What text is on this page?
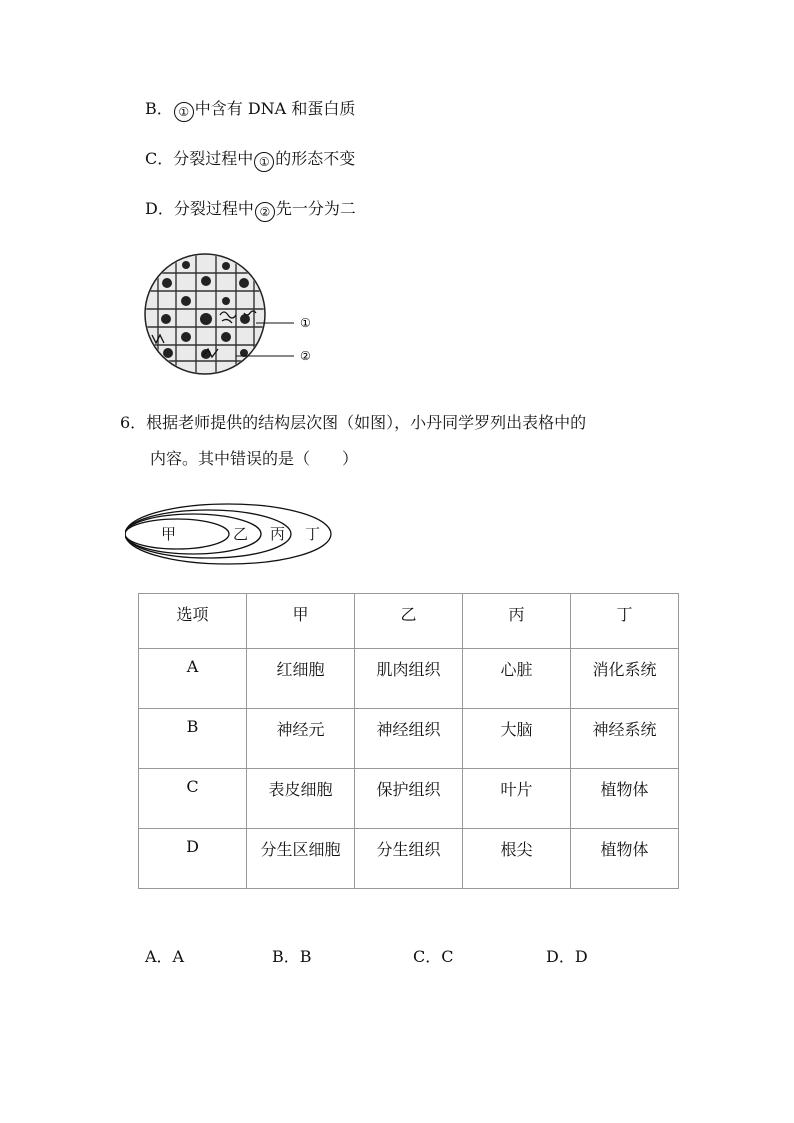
B． ① 中含有 DNA 和蛋白质
C．分裂过程中 ① 的形态不变
D．分裂过程中 ② 先一分为二
①
②
6．根据老师提供的结构层次图（如图），小丹同学罗列出表格中的
内容。其中错误的是（　　）
甲	乙 丙 丁
选项	甲	乙	丙	丁
A	红细胞	肌肉组织	心脏	消化系统
B	神经元	神经组织	大脑	神经系统
C	表皮细胞	保护组织	叶片	植物体
D	分生区细胞	分生组织	根尖	植物体
A．A	B．B	C．C	D．D
